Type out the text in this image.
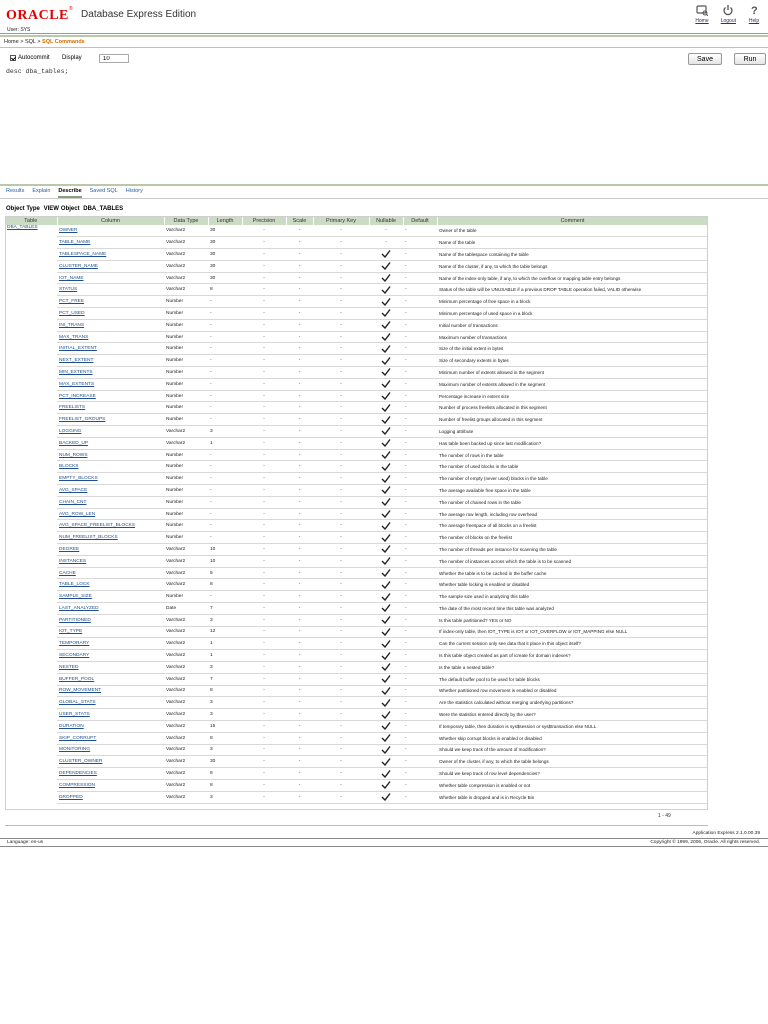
ORACLE® Database Express Edition
Home Logout
?
Help
User: SYS
Home > SQL > SQL Commands
Autocommit Display
10	Save	Run
desc dba_tables;
Results Explain Describe Saved SQL History
Object Type VIEW Object DBA_TABLES
Table	Column	Data Type	Length	Precision	Scale	Primary Key	Nullable	Default	Comment
DBA_TABLES	OWNER	Varchar2	30	-	-	-	-	-	Owner of the table
	TABLE_NAME	Varchar2	30	-	-	-	-	-	Name of the table
	TABLESPACE_NAME	Varchar2	30	-	-	-		-	Name of the tablespace containing the table
	CLUSTER_NAME	Varchar2	30	-	-	-		-	Name of the cluster, if any, to which the table belongs
	IOT_NAME	Varchar2	30	-	-	-		-	Name of the index-only table, if any, to which the overflow or mapping table entry belongs
	STATUS	Varchar2	8	-	-	-		-	Status of the table will be UNUSABLE if a previous DROP TABLE operation failed, VALID otherwise
	PCT_FREE	Number	-	-	-	-		-	Minimum percentage of free space in a block
	PCT_USED	Number	-	-	-	-		-	Minimum percentage of used space in a block
	INI_TRANS	Number	-	-	-	-		-	Initial number of transactions
	MAX_TRANS	Number	-	-	-	-		-	Maximum number of transactions
	INITIAL_EXTENT	Number	-	-	-	-		-	Size of the initial extent in bytes
	NEXT_EXTENT	Number	-	-	-	-		-	Size of secondary extents in bytes
	MIN_EXTENTS	Number	-	-	-	-		-	Minimum number of extents allowed in the segment
	MAX_EXTENTS	Number	-	-	-	-		-	Maximum number of extents allowed in the segment
	PCT_INCREASE	Number	-	-	-	-		-	Percentage increase in extent size
	FREELISTS	Number	-	-	-	-		-	Number of process freelists allocated in this segment
	FREELIST_GROUPS	Number	-	-	-	-		-	Number of freelist groups allocated in this segment
	LOGGING	Varchar2	3	-	-	-		-	Logging attribute
	BACKED_UP	Varchar2	1	-	-	-		-	Has table been backed up since last modification?
	NUM_ROWS	Number	-	-	-	-		-	The number of rows in the table
	BLOCKS	Number	-	-	-	-		-	The number of used blocks in the table
	EMPTY_BLOCKS	Number	-	-	-	-		-	The number of empty (never used) blocks in the table
	AVG_SPACE	Number	-	-	-	-		-	The average available free space in the table
	CHAIN_CNT	Number	-	-	-	-		-	The number of chained rows in the table
	AVG_ROW_LEN	Number	-	-	-	-		-	The average row length, including row overhead
	AVG_SPACE_FREELIST_BLOCKS	Number	-	-	-	-		-	The average freespace of all blocks on a freelist
	NUM_FREELIST_BLOCKS	Number	-	-	-	-		-	The number of blocks on the freelist
	DEGREE	Varchar2	10	-	-	-		-	The number of threads per instance for scanning the table
	INSTANCES	Varchar2	10	-	-	-		-	The number of instances across which the table is to be scanned
	CACHE	Varchar2	5	-	-	-		-	Whether the table is to be cached in the buffer cache
	TABLE_LOCK	Varchar2	8	-	-	-		-	Whether table locking is enabled or disabled
	SAMPLE_SIZE	Number	-	-	-	-		-	The sample size used in analyzing this table
	LAST_ANALYZED	Date	7	-	-	-		-	The date of the most recent time this table was analyzed
	PARTITIONED	Varchar2	3	-	-	-		-	Is this table partitioned? YES or NO
	IOT_TYPE	Varchar2	12	-	-	-		-	If index-only table, then IOT_TYPE is IOT or IOT_OVERFLOW or IOT_MAPPING else NULL
	TEMPORARY	Varchar2	1	-	-	-		-	Can the current session only see data that it place in this object itself?
	SECONDARY	Varchar2	1	-	-	-		-	Is this table object created as part of icreate for domain indexes?
	NESTED	Varchar2	3	-	-	-		-	Is the table a nested table?
	BUFFER_POOL	Varchar2	7	-	-	-		-	The default buffer pool to be used for table blocks
	ROW_MOVEMENT	Varchar2	8	-	-	-		-	Whether partitioned row movement is enabled or disabled
	GLOBAL_STATS	Varchar2	3	-	-	-		-	Are the statistics calculated without merging underlying partitions?
	USER_STATS	Varchar2	3	-	-	-		-	Were the statistics entered directly by the user?
	DURATION	Varchar2	15	-	-	-		-	If temporary table, then duration is sys$session or sys$transaction else NULL
	SKIP_CORRUPT	Varchar2	8	-	-	-		-	Whether skip corrupt blocks is enabled or disabled
	MONITORING	Varchar2	3	-	-	-		-	Should we keep track of the amount of modification?
	CLUSTER_OWNER	Varchar2	30	-	-	-		-	Owner of the cluster, if any, to which the table belongs
	DEPENDENCIES	Varchar2	8	-	-	-		-	Should we keep track of row level dependencies?
	COMPRESSION	Varchar2	8	-	-	-		-	Whether table compression is enabled or not
	DROPPED	Varchar2	3	-	-	-		-	Whether table is dropped and is in Recycle Bin
1 - 49
Application Express 2.1.0.00.39
Language: en-us	Copyright © 1999, 2006, Oracle. All rights reserved.
